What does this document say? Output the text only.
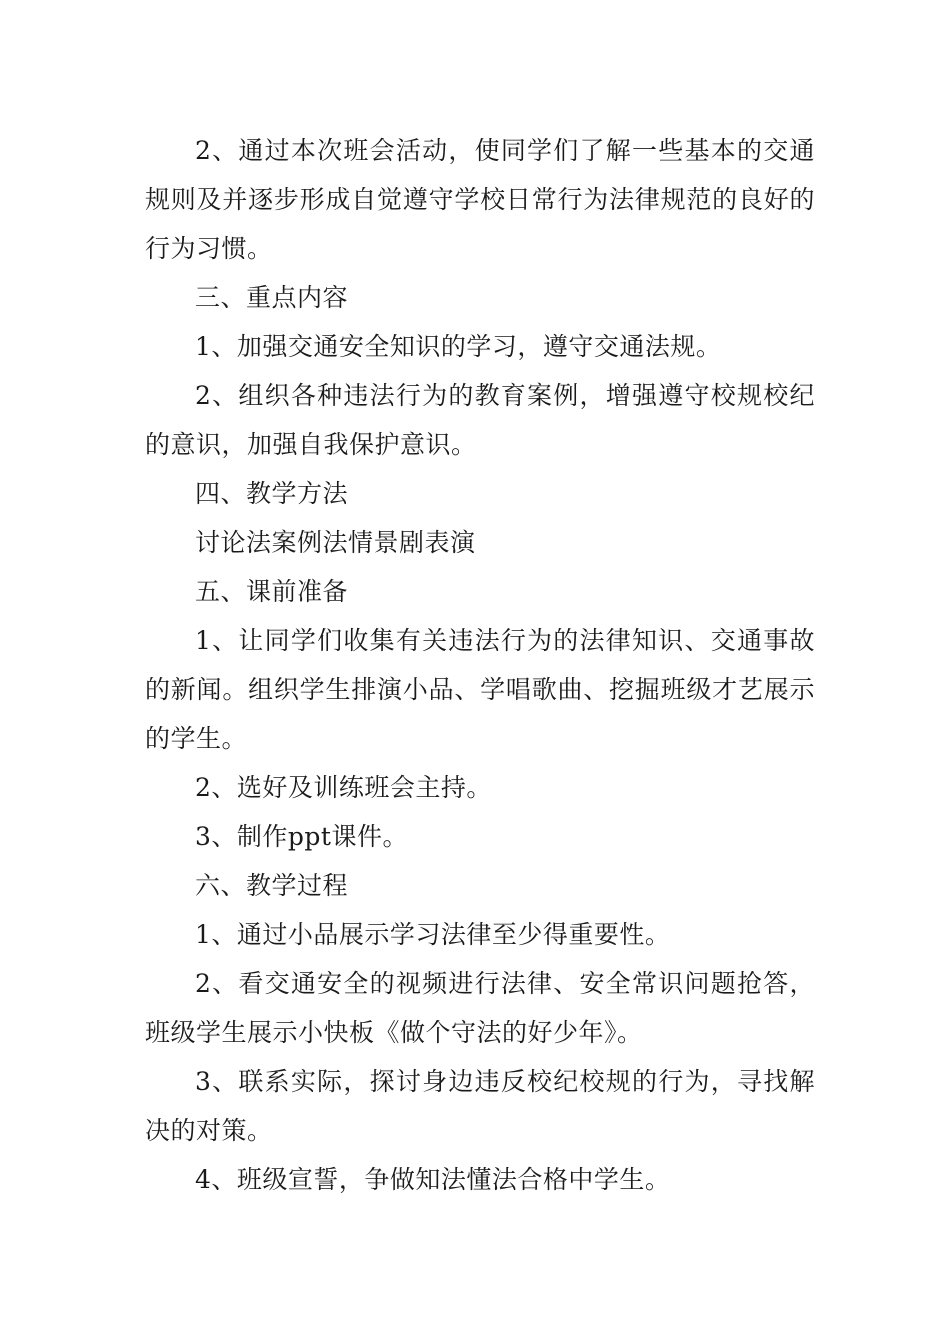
2、通过本次班会活动，使同学们了解一些基本的交通规则及并逐步形成自觉遵守学校日常行为法律规范的良好的行为习惯。

三、重点内容

1、加强交通安全知识的学习，遵守交通法规。

2、组织各种违法行为的教育案例，增强遵守校规校纪的意识，加强自我保护意识。

四、教学方法

讨论法案例法情景剧表演

五、课前准备

1、让同学们收集有关违法行为的法律知识、交通事故的新闻。组织学生排演小品、学唱歌曲、挖掘班级才艺展示的学生。

2、选好及训练班会主持。

3、制作ppt课件。

六、教学过程

1、通过小品展示学习法律至少得重要性。

2、看交通安全的视频进行法律、安全常识问题抢答，班级学生展示小快板《做个守法的好少年》。

3、联系实际，探讨身边违反校纪校规的行为，寻找解决的对策。

4、班级宣誓，争做知法懂法合格中学生。
